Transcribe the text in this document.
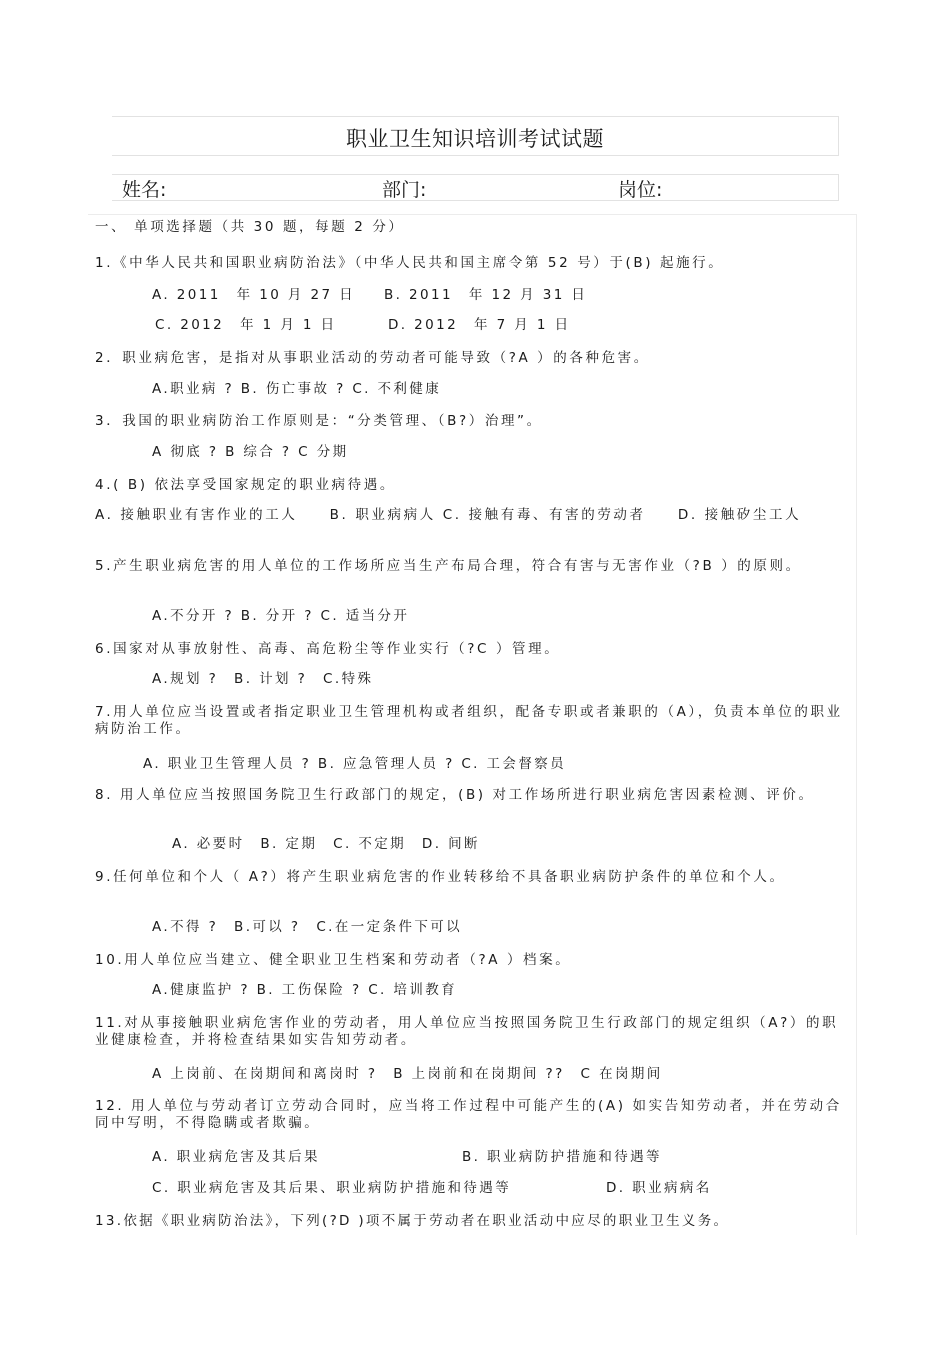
职业卫生知识培训考试试题
姓名:	部门:	岗位:
一、 单项选择题（共 30 题，每题 2 分）
1.《中华人民共和国职业病防治法》（中华人民共和国主席令第 52 号）于(B) 起施行。
A. 2011　年 10 月 27 日 B. 2011　年 12 月 31 日
C. 2012　年 1 月 1 日	D. 2012　年 7 月 1 日
2．职业病危害，是指对从事职业活动的劳动者可能导致（?A ）的各种危害。
A.职业病 ? B. 伤亡事故 ? C. 不利健康
3．我国的职业病防治工作原则是：“分类管理、（B?）治理”。
A 彻底 ? B 综合 ? C 分期
4.( B) 依法享受国家规定的职业病待遇。
A. 接触职业有害作业的工人　　B. 职业病病人 C. 接触有毒、有害的劳动者　　D. 接触矽尘工人
5.产生职业病危害的用人单位的工作场所应当生产布局合理，符合有害与无害作业（?B ）的原则。
A.不分开 ? B. 分开 ? C. 适当分开
6.国家对从事放射性、高毒、高危粉尘等作业实行（?C ）管理。
A.规划 ?　B. 计划 ?　C.特殊
7.用人单位应当设置或者指定职业卫生管理机构或者组织，配备专职或者兼职的（A），负责本单位的职业病防治工作。
A. 职业卫生管理人员 ? B. 应急管理人员 ? C. 工会督察员
8. 用人单位应当按照国务院卫生行政部门的规定，(B) 对工作场所进行职业病危害因素检测、评价。
A. 必要时　B. 定期　C. 不定期　D. 间断
9.任何单位和个人（ A?）将产生职业病危害的作业转移给不具备职业病防护条件的单位和个人。
A.不得 ?　B.可以 ?　C.在一定条件下可以
10.用人单位应当建立、健全职业卫生档案和劳动者（?A ）档案。
A.健康监护 ? B. 工伤保险 ? C. 培训教育
11.对从事接触职业病危害作业的劳动者，用人单位应当按照国务院卫生行政部门的规定组织（A?）的职业健康检查，并将检查结果如实告知劳动者。
A 上岗前、在岗期间和离岗时 ?　B 上岗前和在岗期间 ??　C 在岗期间
12. 用人单位与劳动者订立劳动合同时，应当将工作过程中可能产生的(A) 如实告知劳动者，并在劳动合同中写明，不得隐瞒或者欺骗。
A. 职业病危害及其后果	B. 职业病防护措施和待遇等
C. 职业病危害及其后果、职业病防护措施和待遇等	D. 职业病病名
13.依据《职业病防治法》，下列(?D )项不属于劳动者在职业活动中应尽的职业卫生义务。
